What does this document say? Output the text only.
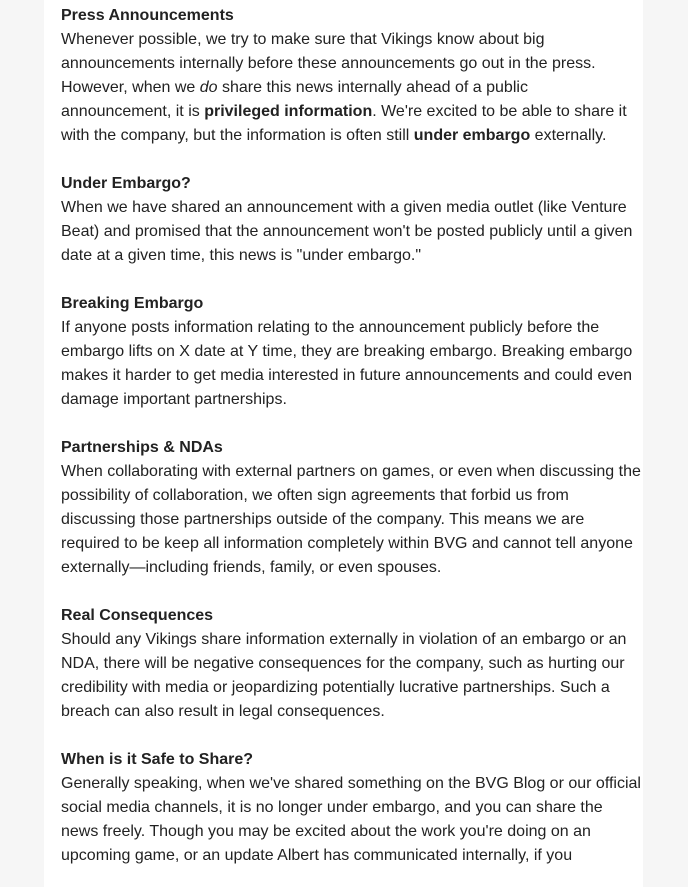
Press Announcements
Whenever possible, we try to make sure that Vikings know about big announcements internally before these announcements go out in the press. However, when we do share this news internally ahead of a public announcement, it is privileged information. We're excited to be able to share it with the company, but the information is often still under embargo externally.
Under Embargo?
When we have shared an announcement with a given media outlet (like Venture Beat) and promised that the announcement won't be posted publicly until a given date at a given time, this news is "under embargo."
Breaking Embargo
If anyone posts information relating to the announcement publicly before the embargo lifts on X date at Y time, they are breaking embargo. Breaking embargo makes it harder to get media interested in future announcements and could even damage important partnerships.
Partnerships & NDAs
When collaborating with external partners on games, or even when discussing the possibility of collaboration, we often sign agreements that forbid us from discussing those partnerships outside of the company. This means we are required to be keep all information completely within BVG and cannot tell anyone externally—including friends, family, or even spouses.
Real Consequences
Should any Vikings share information externally in violation of an embargo or an NDA, there will be negative consequences for the company, such as hurting our credibility with media or jeopardizing potentially lucrative partnerships. Such a breach can also result in legal consequences.
When is it Safe to Share?
Generally speaking, when we've shared something on the BVG Blog or our official social media channels, it is no longer under embargo, and you can share the news freely. Though you may be excited about the work you're doing on an upcoming game, or an update Albert has communicated internally, if you
